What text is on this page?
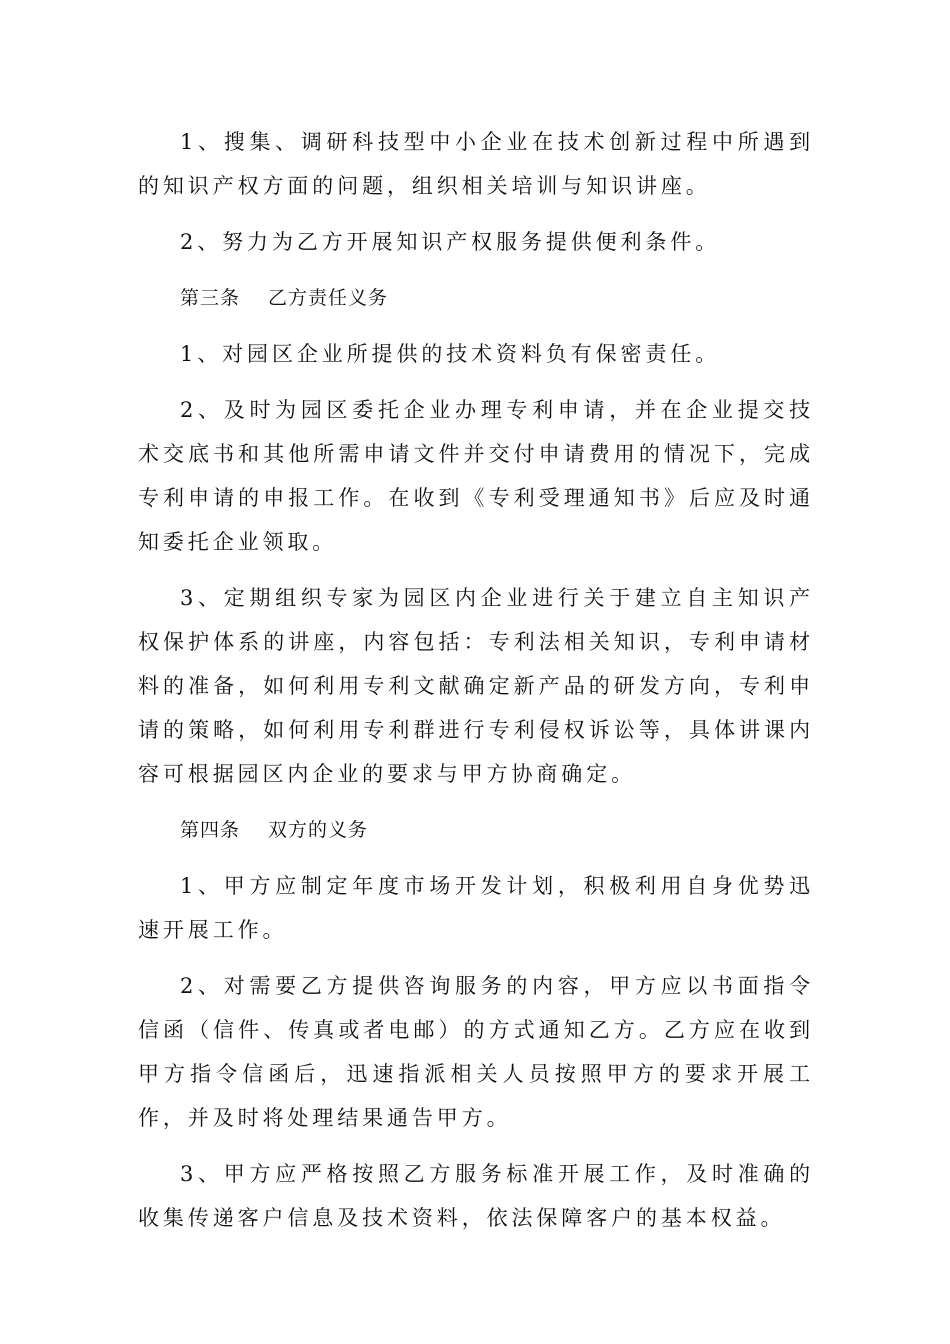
1、搜集、调研科技型中小企业在技术创新过程中所遇到的知识产权方面的问题，组织相关培训与知识讲座。

2、努力为乙方开展知识产权服务提供便利条件。

第三条 乙方责任义务

1、对园区企业所提供的技术资料负有保密责任。

2、及时为园区委托企业办理专利申请，并在企业提交技术交底书和其他所需申请文件并交付申请费用的情况下，完成专利申请的申报工作。在收到《专利受理通知书》后应及时通知委托企业领取。

3、定期组织专家为园区内企业进行关于建立自主知识产权保护体系的讲座，内容包括：专利法相关知识，专利申请材料的准备，如何利用专利文献确定新产品的研发方向，专利申请的策略，如何利用专利群进行专利侵权诉讼等，具体讲课内容可根据园区内企业的要求与甲方协商确定。

第四条 双方的义务

1、甲方应制定年度市场开发计划，积极利用自身优势迅速开展工作。

2、对需要乙方提供咨询服务的内容，甲方应以书面指令信函（信件、传真或者电邮）的方式通知乙方。乙方应在收到甲方指令信函后，迅速指派相关人员按照甲方的要求开展工作，并及时将处理结果通告甲方。

3、甲方应严格按照乙方服务标准开展工作，及时准确的收集传递客户信息及技术资料，依法保障客户的基本权益。
